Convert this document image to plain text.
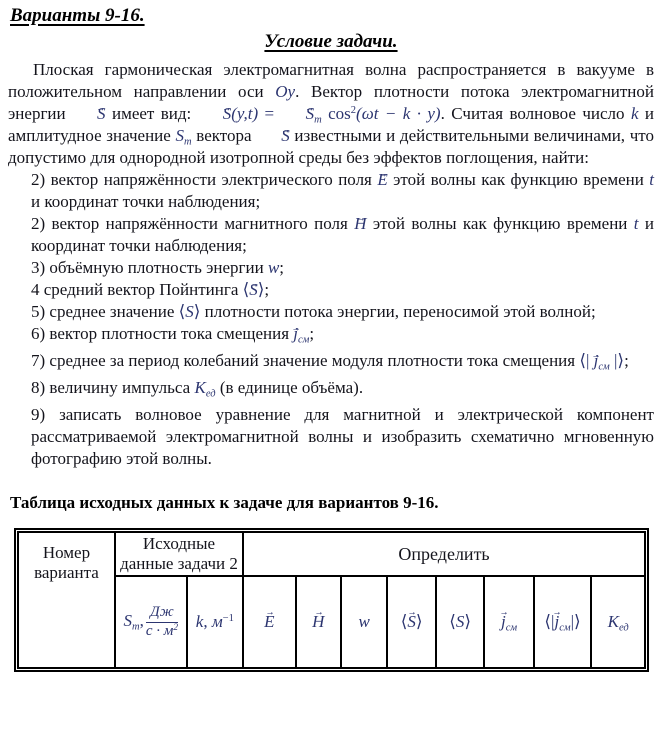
Варианты 9-16.
Условие задачи.

Плоская гармоническая электромагнитная волна распространяется в вакууме в положительном направлении оси Oy. Вектор плотности потока электромагнитной энергии → S имеет вид: → S(y,t) = → $S_m$ $\cos^2(\omega t - k \cdot y)$. Считая волновое число k и амплитудное значение $S_m$ вектора → S известными и действительными величинами, что допустимо для однородной изотропной среды без эффектов поглощения, найти:

2) вектор напряжённости электрического поля → E этой волны как функцию времени t и координат точки наблюдения;

2) вектор напряжённости магнитного поля → H этой волны как функцию времени t и координат точки наблюдения;

3) объёмную плотность энергии w;

4 средний вектор Пойнтинга ⟨→ S⟩;

5) среднее значение ⟨S⟩ плотности потока энергии, переносимой этой волной;

6) вектор плотности тока смещения → $j_{см}$;

7) среднее за период колебаний значение модуля плотности тока смещения ⟨| → $j_{см}$ |⟩;

8) величину импульса $K_{ед}$ (в единице объёма).

9) записать волновое уравнение для магнитной и электрической компонент рассматриваемой электромагнитной волны и изобразить схематично мгновенную фотографию этой волны.

Таблица исходных данных к задаче для вариантов 9-16.
Номер варианта	Исходные данные задачи 2		Определить							
	$S_m$, $\frac{Дж}{с \cdot м^2}$	k, $м^{-1}$	→ E	→ H	w	⟨→ S⟩	⟨S⟩	→ $j_{см}$	⟨|→ $j_{см}|⟩$	$K_{ед}$
